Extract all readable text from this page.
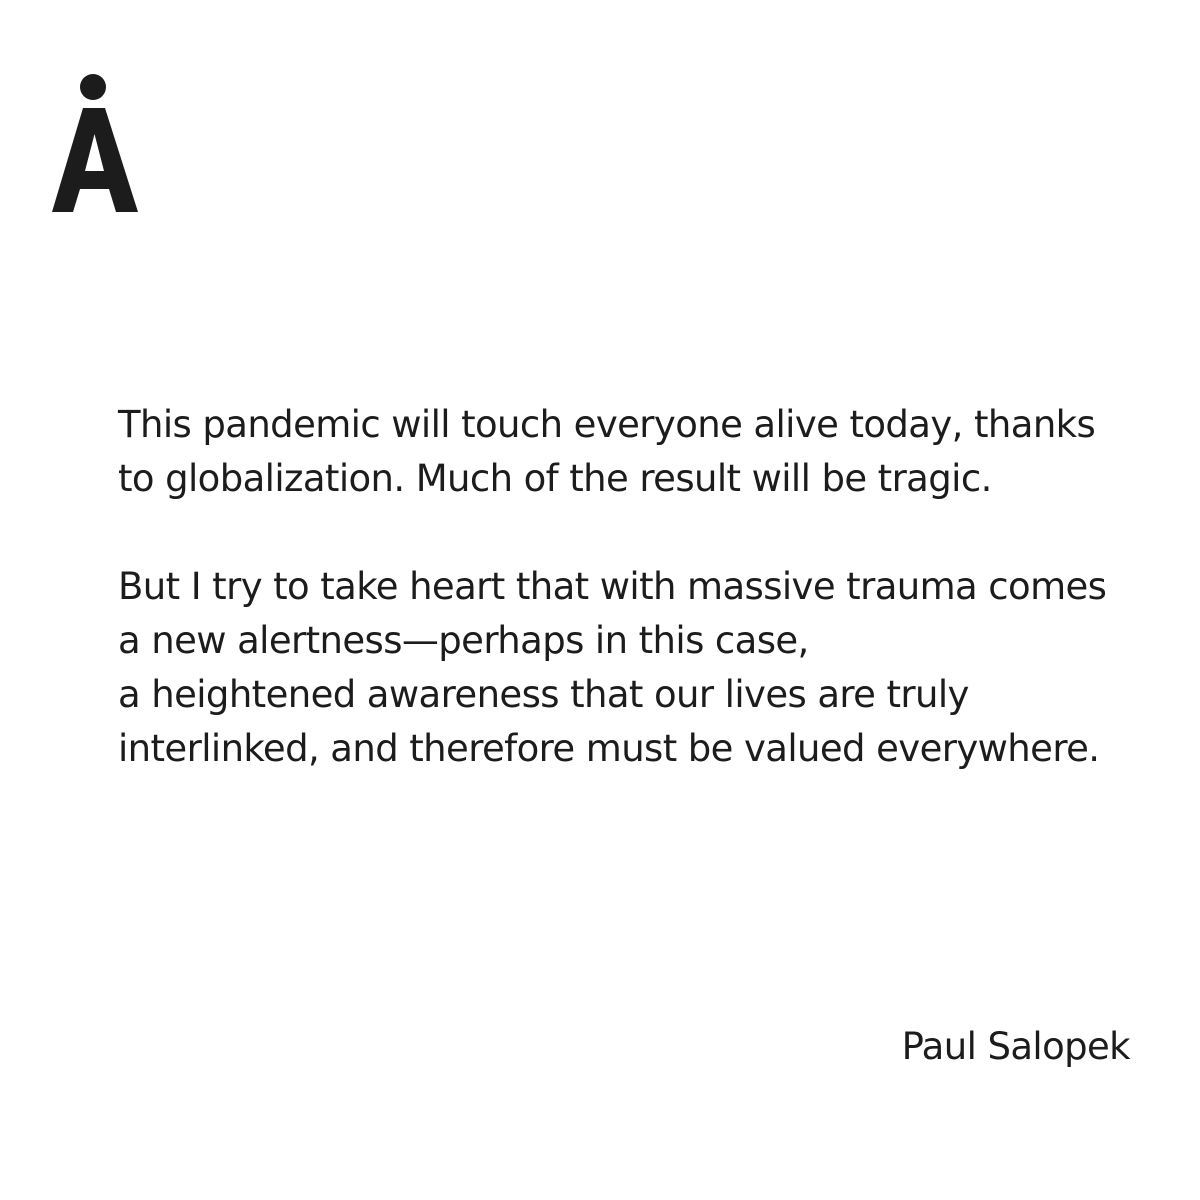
This pandemic will touch everyone alive today, thanks
to globalization. Much of the result will be tragic.

But I try to take heart that with massive trauma comes
a new alertness—perhaps in this case,
a heightened awareness that our lives are truly
interlinked, and therefore must be valued everywhere.

Paul Salopek
